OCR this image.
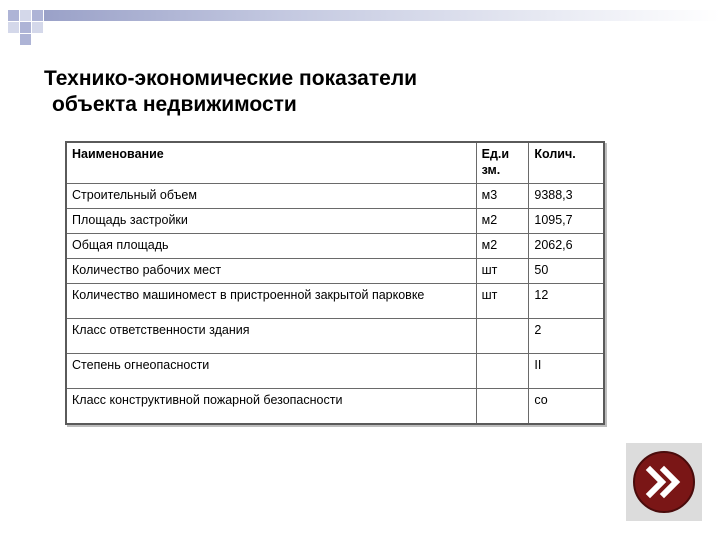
Технико-экономические показатели
объекта недвижимости
Наименование	Ед.и зм.	Колич.
Строительный объем	м3	9388,3
Площадь застройки	м2	1095,7
Общая площадь	м2	2062,6
Количество рабочих мест	шт	50
Количество машиномест в пристроенной закрытой парковке	шт	12
Класс ответственности здания		2
Степень огнеопасности		II
Класс конструктивной пожарной безопасности		со
